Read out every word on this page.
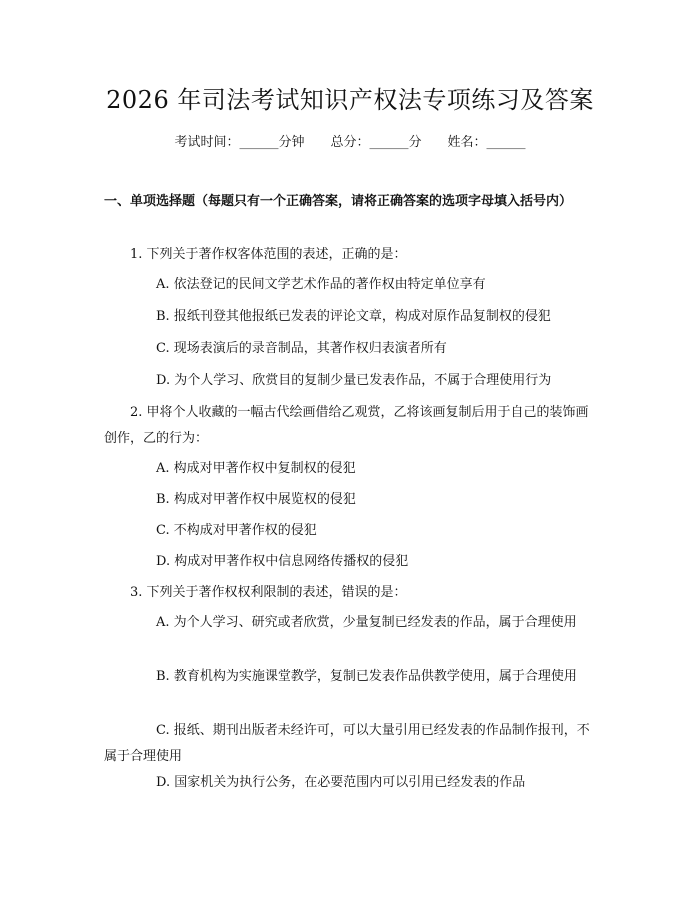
2026 年司法考试知识产权法专项练习及答案
考试时间：______分钟 总分：______分 姓名：______
一、单项选择题（每题只有一个正确答案，请将正确答案的选项字母填入括号内）
1. 下列关于著作权客体范围的表述，正确的是：
A. 依法登记的民间文学艺术作品的著作权由特定单位享有
B. 报纸刊登其他报纸已发表的评论文章，构成对原作品复制权的侵犯
C. 现场表演后的录音制品，其著作权归表演者所有
D. 为个人学习、欣赏目的复制少量已发表作品，不属于合理使用行为
2. 甲将个人收藏的一幅古代绘画借给乙观赏，乙将该画复制后用于自己的装饰画创作，乙的行为：
A. 构成对甲著作权中复制权的侵犯
B. 构成对甲著作权中展览权的侵犯
C. 不构成对甲著作权的侵犯
D. 构成对甲著作权中信息网络传播权的侵犯
3. 下列关于著作权权利限制的表述，错误的是：
A. 为个人学习、研究或者欣赏，少量复制已经发表的作品，属于合理使用
B. 教育机构为实施课堂教学，复制已发表作品供教学使用，属于合理使用
C. 报纸、期刊出版者未经许可，可以大量引用已经发表的作品制作报刊，不属于合理使用
D. 国家机关为执行公务，在必要范围内可以引用已经发表的作品
